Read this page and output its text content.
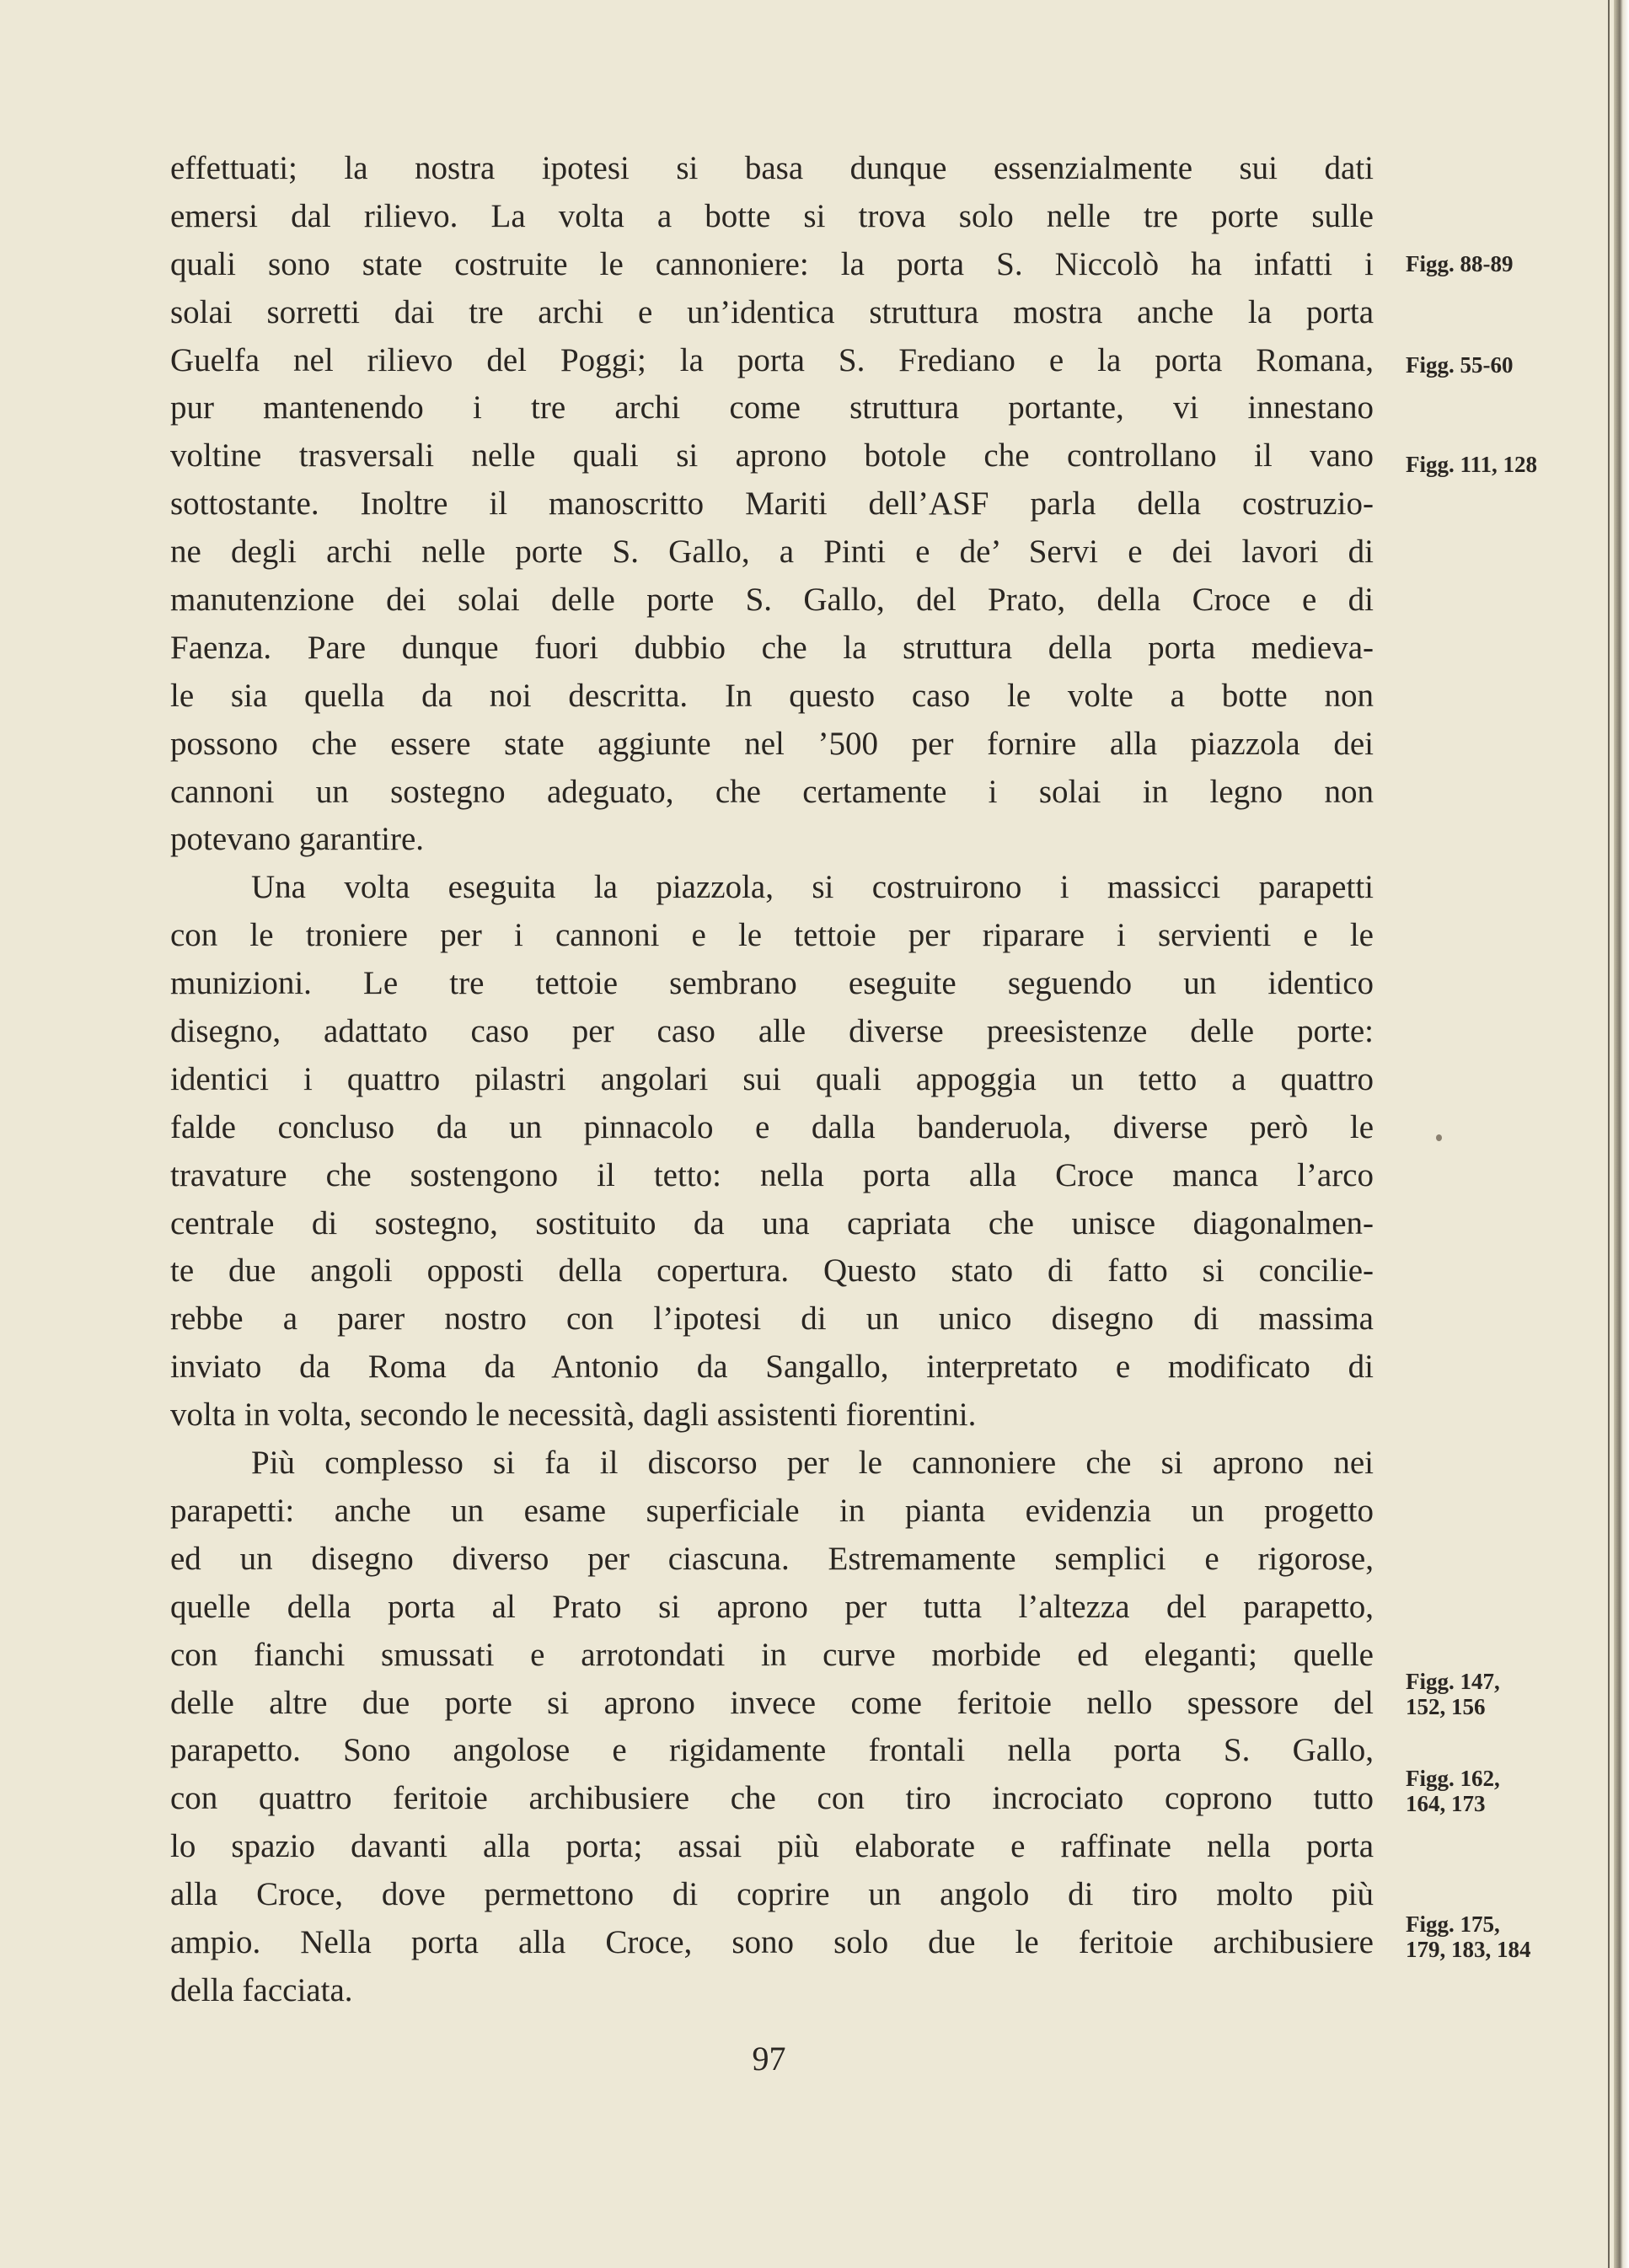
effettuati; la nostra ipotesi si basa dunque essenzialmente sui dati
emersi dal rilievo. La volta a botte si trova solo nelle tre porte sulle
quali sono state costruite le cannoniere: la porta S. Niccolò ha infatti i
solai sorretti dai tre archi e un’identica struttura mostra anche la porta
Guelfa nel rilievo del Poggi; la porta S. Frediano e la porta Romana,
pur mantenendo i tre archi come struttura portante, vi innestano
voltine trasversali nelle quali si aprono botole che controllano il vano
sottostante. Inoltre il manoscritto Mariti dell’ASF parla della costruzio-
ne degli archi nelle porte S. Gallo, a Pinti e de’ Servi e dei lavori di
manutenzione dei solai delle porte S. Gallo, del Prato, della Croce e di
Faenza. Pare dunque fuori dubbio che la struttura della porta medieva-
le sia quella da noi descritta. In questo caso le volte a botte non
possono che essere state aggiunte nel ’500 per fornire alla piazzola dei
cannoni un sostegno adeguato, che certamente i solai in legno non
potevano garantire.
Una volta eseguita la piazzola, si costruirono i massicci parapetti
con le troniere per i cannoni e le tettoie per riparare i servienti e le
munizioni. Le tre tettoie sembrano eseguite seguendo un identico
disegno, adattato caso per caso alle diverse preesistenze delle porte:
identici i quattro pilastri angolari sui quali appoggia un tetto a quattro
falde concluso da un pinnacolo e dalla banderuola, diverse però le
travature che sostengono il tetto: nella porta alla Croce manca l’arco
centrale di sostegno, sostituito da una capriata che unisce diagonalmen-
te due angoli opposti della copertura. Questo stato di fatto si concilie-
rebbe a parer nostro con l’ipotesi di un unico disegno di massima
inviato da Roma da Antonio da Sangallo, interpretato e modificato di
volta in volta, secondo le necessità, dagli assistenti fiorentini.
Più complesso si fa il discorso per le cannoniere che si aprono nei
parapetti: anche un esame superficiale in pianta evidenzia un progetto
ed un disegno diverso per ciascuna. Estremamente semplici e rigorose,
quelle della porta al Prato si aprono per tutta l’altezza del parapetto,
con fianchi smussati e arrotondati in curve morbide ed eleganti; quelle
delle altre due porte si aprono invece come feritoie nello spessore del
parapetto. Sono angolose e rigidamente frontali nella porta S. Gallo,
con quattro feritoie archibusiere che con tiro incrociato coprono tutto
lo spazio davanti alla porta; assai più elaborate e raffinate nella porta
alla Croce, dove permettono di coprire un angolo di tiro molto più
ampio. Nella porta alla Croce, sono solo due le feritoie archibusiere
della facciata.
Figg. 88-89
Figg. 55-60
Figg. 111, 128
Figg. 147,
152, 156
Figg. 162,
164, 173
Figg. 175,
179, 183, 184
97
